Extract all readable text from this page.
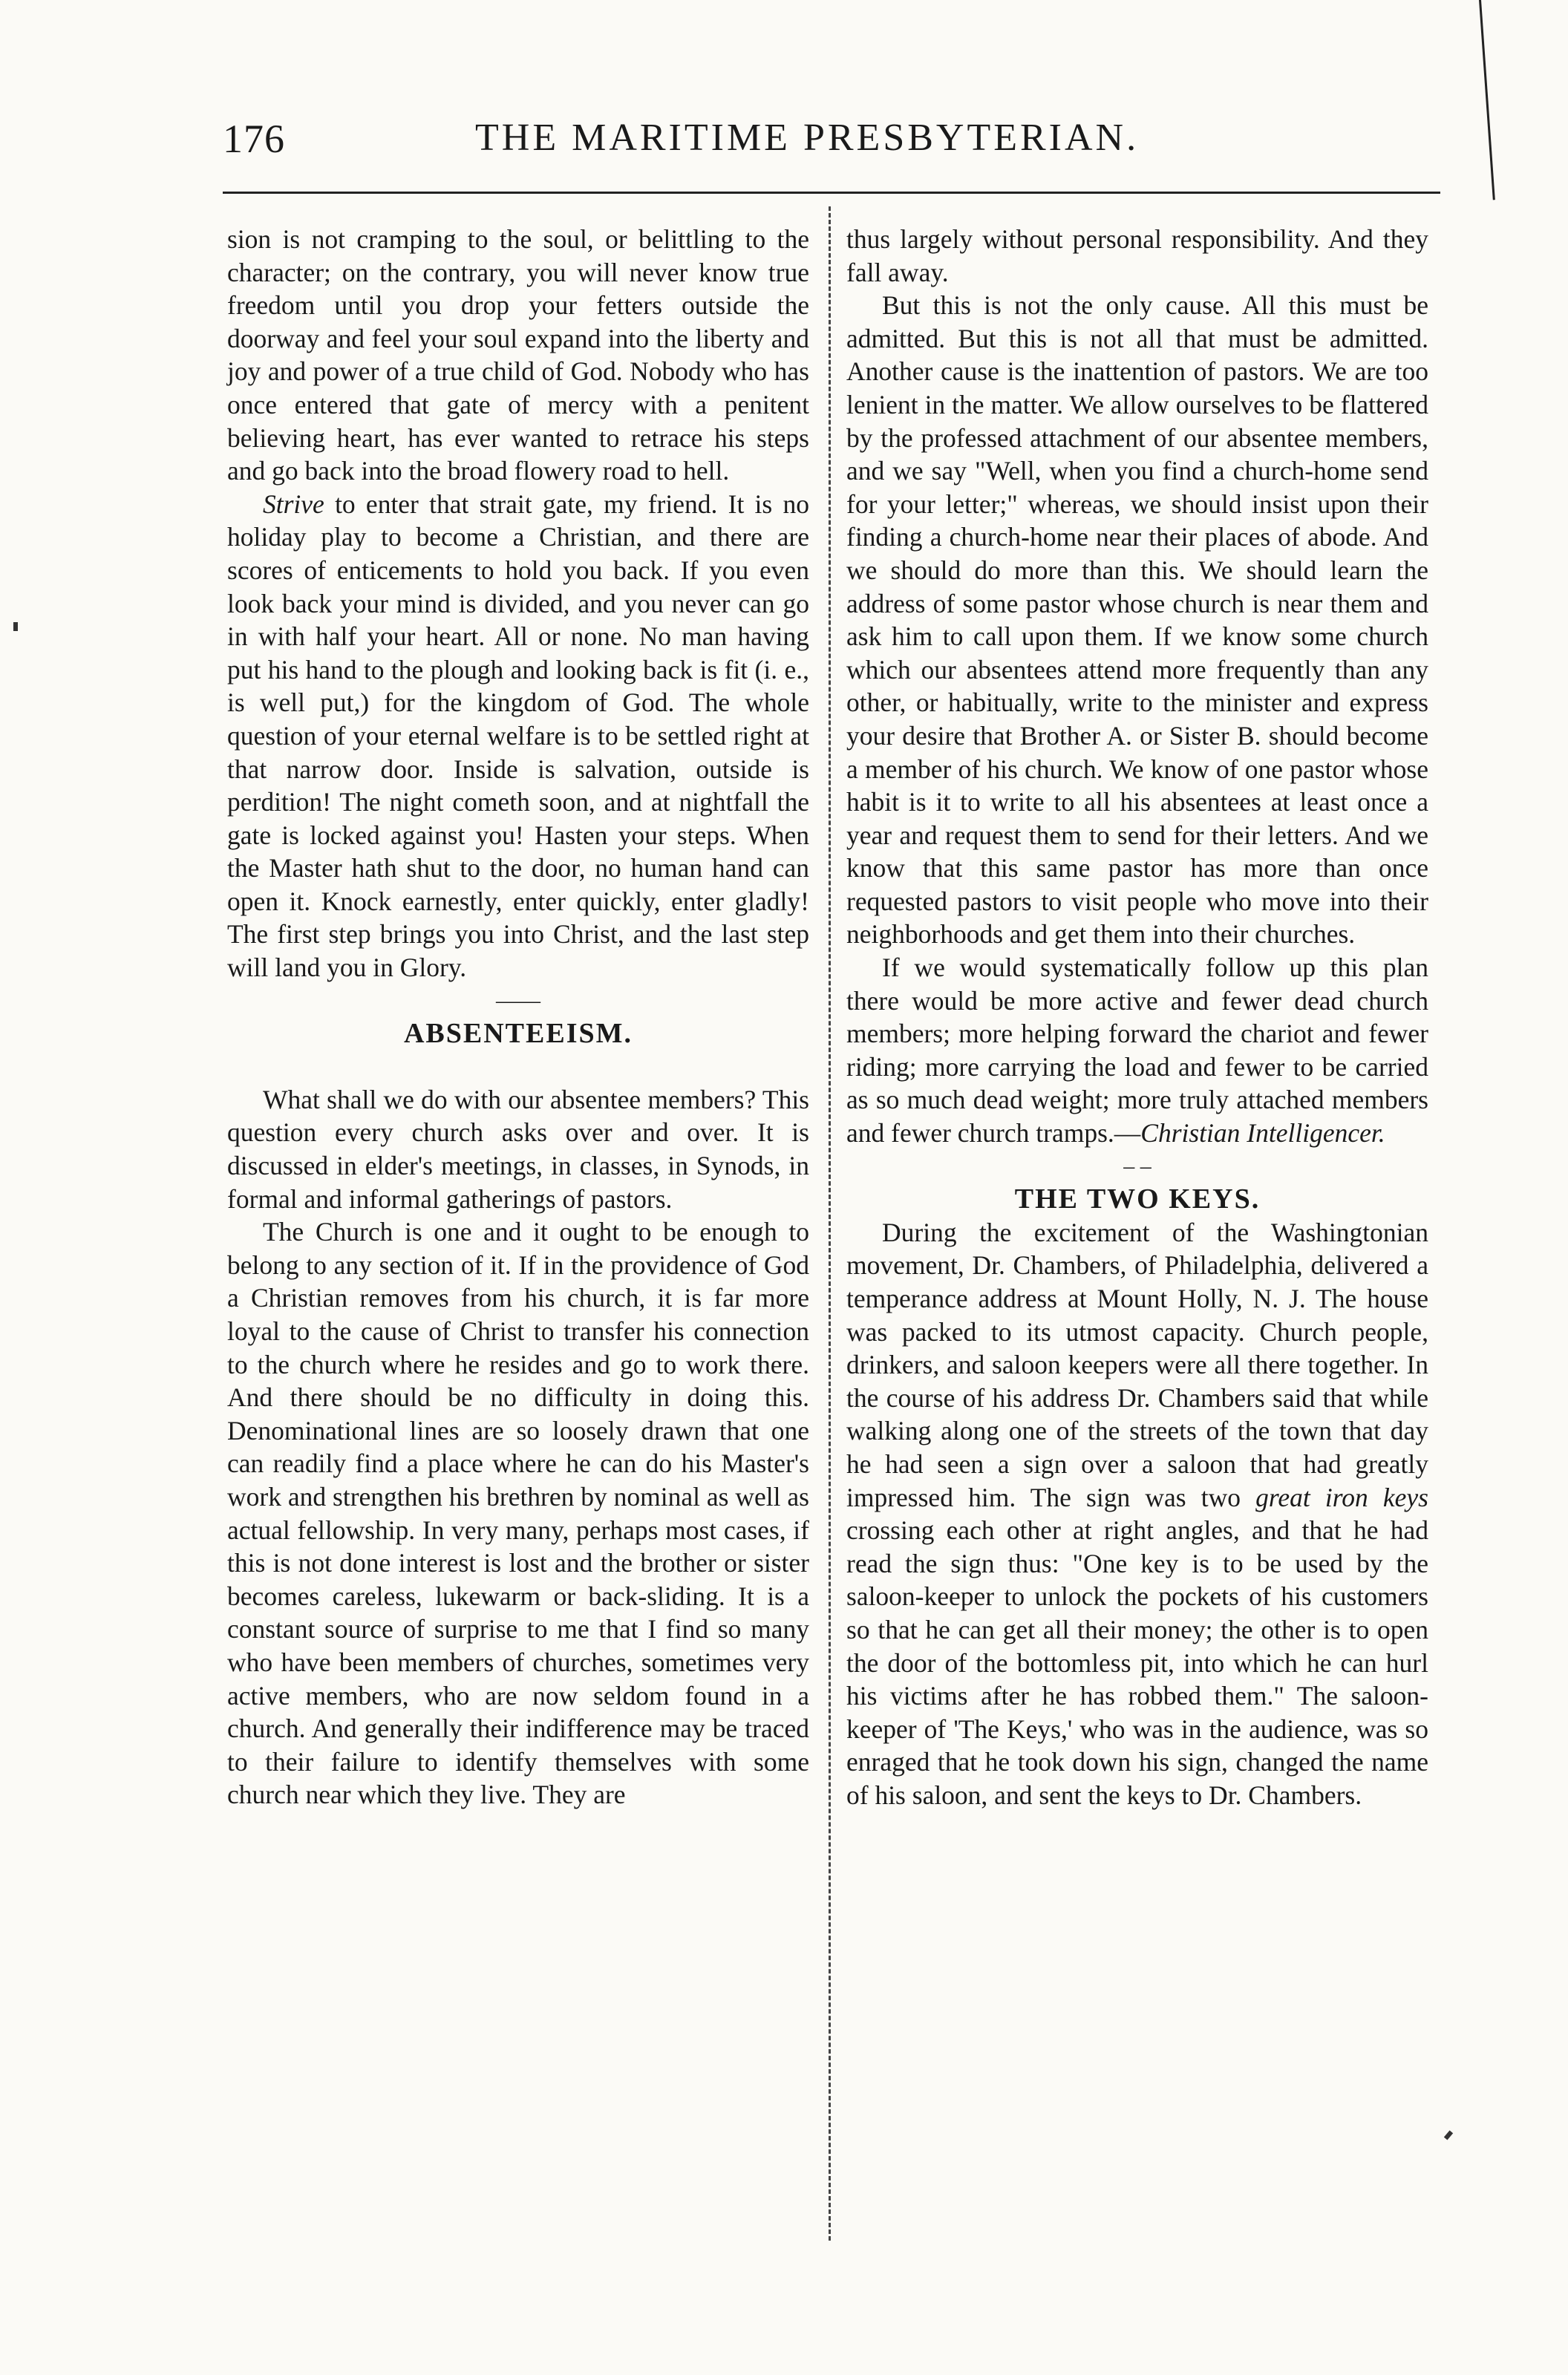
176	THE MARITIME PRESBYTERIAN.

sion is not cramping to the soul, or belittling to the character; on the contrary, you will never know true freedom until you drop your fetters outside the doorway and feel your soul expand into the liberty and joy and power of a true child of God. Nobody who has once entered that gate of mercy with a penitent believing heart, has ever wanted to retrace his steps and go back into the broad flowery road to hell.

Strive to enter that strait gate, my friend. It is no holiday play to become a Christian, and there are scores of enticements to hold you back. If you even look back your mind is divided, and you never can go in with half your heart. All or none. No man having put his hand to the plough and looking back is fit (i. e., is well put,) for the kingdom of God. The whole question of your eternal welfare is to be settled right at that narrow door. Inside is salvation, outside is perdition! The night cometh soon, and at nightfall the gate is locked against you! Hasten your steps. When the Master hath shut to the door, no human hand can open it. Knock earnestly, enter quickly, enter gladly! The first step brings you into Christ, and the last step will land you in Glory.

——

ABSENTEEISM.

What shall we do with our absentee members? This question every church asks over and over. It is discussed in elder's meetings, in classes, in Synods, in formal and informal gatherings of pastors.

The Church is one and it ought to be enough to belong to any section of it. If in the providence of God a Christian removes from his church, it is far more loyal to the cause of Christ to transfer his connection to the church where he resides and go to work there. And there should be no difficulty in doing this. Denominational lines are so loosely drawn that one can readily find a place where he can do his Master's work and strengthen his brethren by nominal as well as actual fellowship. In very many, perhaps most cases, if this is not done interest is lost and the brother or sister becomes careless, lukewarm or back-sliding. It is a constant source of surprise to me that I find so many who have been members of churches, sometimes very active members, who are now seldom found in a church. And generally their indifference may be traced to their failure to identify themselves with some church near which they live. They are

thus largely without personal responsibility. And they fall away.

But this is not the only cause. All this must be admitted. But this is not all that must be admitted. Another cause is the inattention of pastors. We are too lenient in the matter. We allow ourselves to be flattered by the professed attachment of our absentee members, and we say "Well, when you find a church-home send for your letter;" whereas, we should insist upon their finding a church-home near their places of abode. And we should do more than this. We should learn the address of some pastor whose church is near them and ask him to call upon them. If we know some church which our absentees attend more frequently than any other, or habitually, write to the minister and express your desire that Brother A. or Sister B. should become a member of his church. We know of one pastor whose habit is it to write to all his absentees at least once a year and request them to send for their letters. And we know that this same pastor has more than once requested pastors to visit people who move into their neighborhoods and get them into their churches.

If we would systematically follow up this plan there would be more active and fewer dead church members; more helping forward the chariot and fewer riding; more carrying the load and fewer to be carried as so much dead weight; more truly attached members and fewer church tramps.—Christian Intelligencer.

– –

THE TWO KEYS.

During the excitement of the Washingtonian movement, Dr. Chambers, of Philadelphia, delivered a temperance address at Mount Holly, N. J. The house was packed to its utmost capacity. Church people, drinkers, and saloon keepers were all there together. In the course of his address Dr. Chambers said that while walking along one of the streets of the town that day he had seen a sign over a saloon that had greatly impressed him. The sign was two great iron keys crossing each other at right angles, and that he had read the sign thus: "One key is to be used by the saloon-keeper to unlock the pockets of his customers so that he can get all their money; the other is to open the door of the bottomless pit, into which he can hurl his victims after he has robbed them." The saloon-keeper of 'The Keys,' who was in the audience, was so enraged that he took down his sign, changed the name of his saloon, and sent the keys to Dr. Chambers.
